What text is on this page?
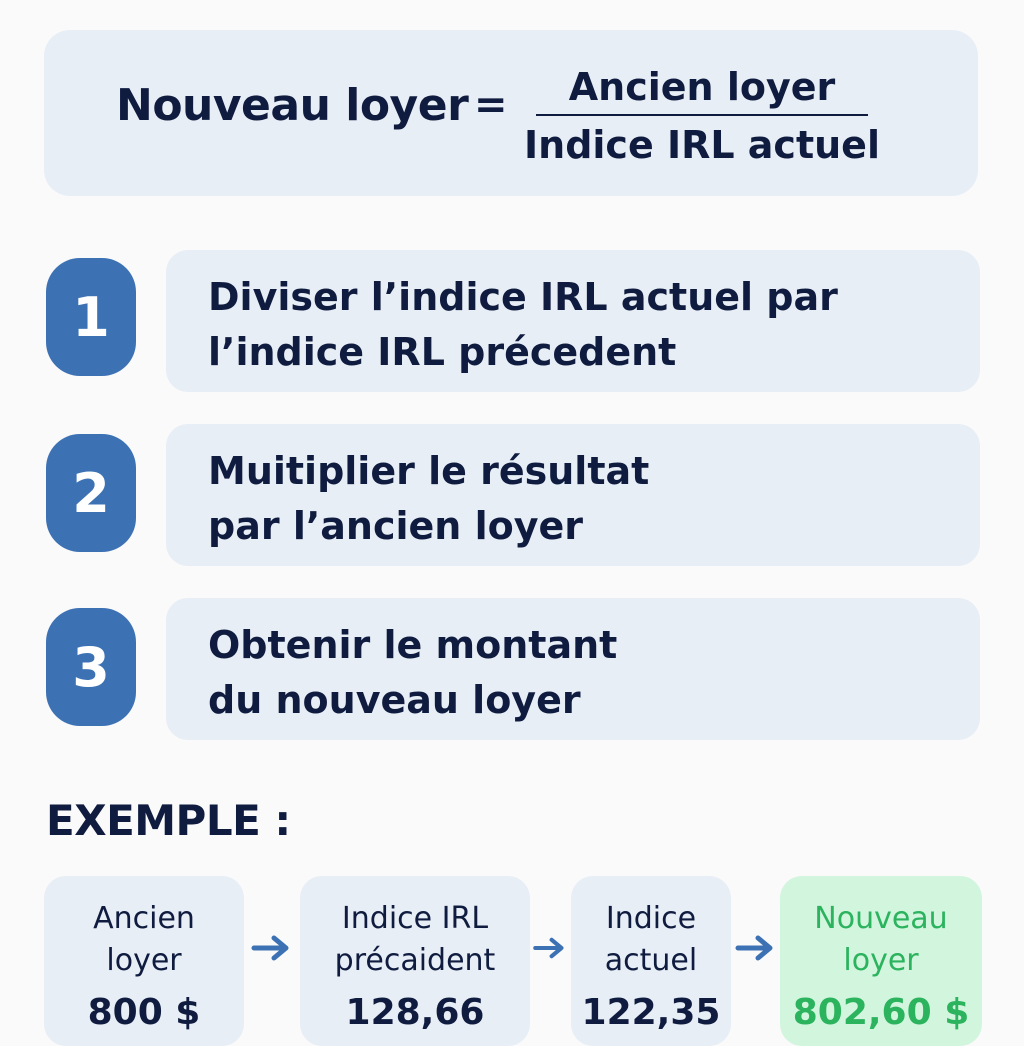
Nouveau loyer =	Ancien loyer
Indice IRL actuel
1	Diviser l’indice IRL actuel par
l’indice IRL précedent
2	Muitiplier le résultat
par l’ancien loyer
3	Obtenir le montant
du nouveau loyer
EXEMPLE :
Ancien
loyer
800 $
Indice IRL
précaident
128,66
Indice
actuel
122,35
Nouveau
loyer
802,60 $
